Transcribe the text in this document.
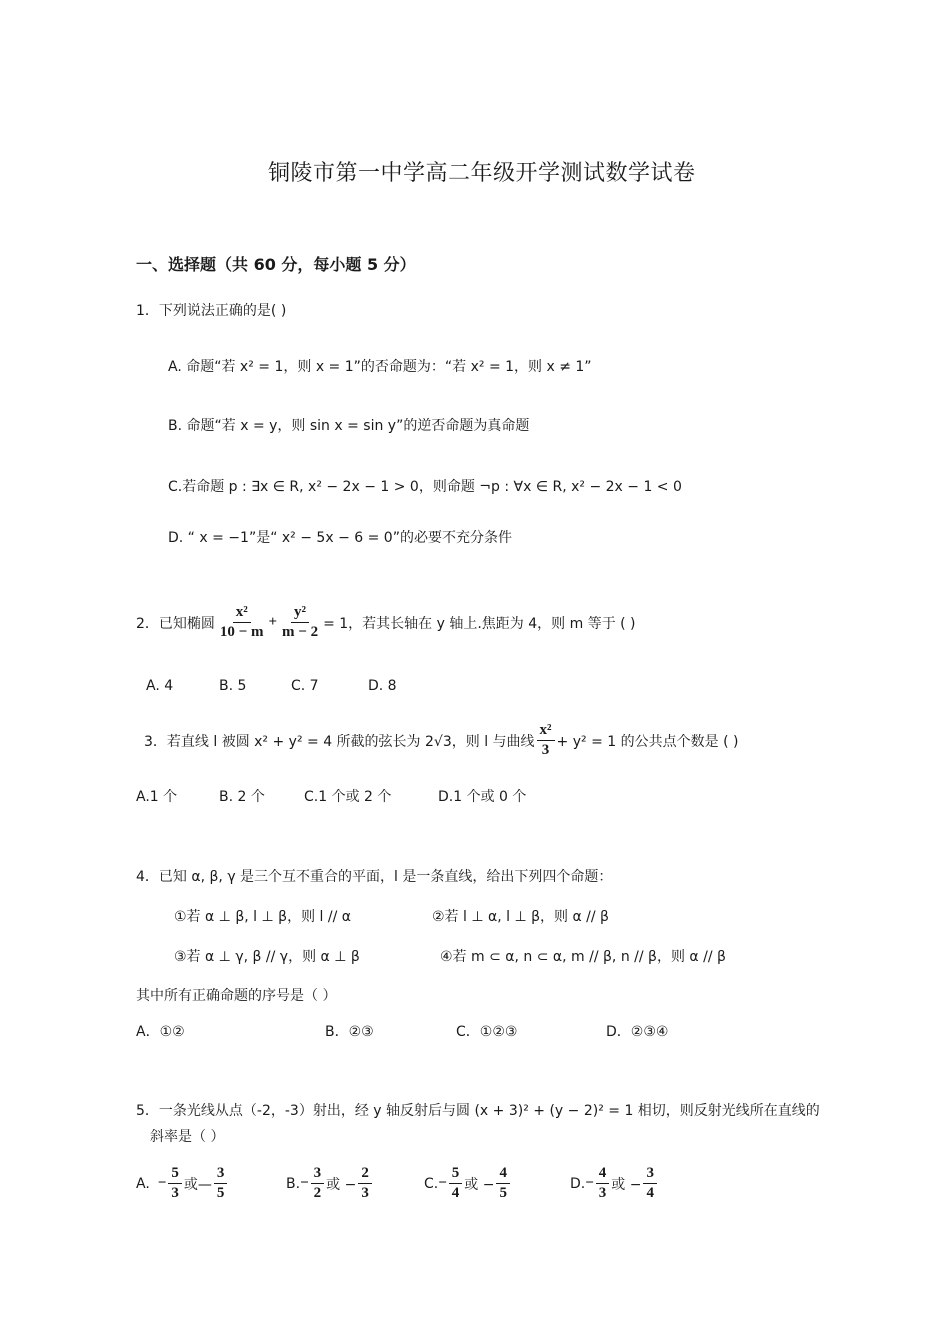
铜陵市第一中学高二年级开学测试数学试卷
一、选择题（共 60 分，每小题 5 分）
1．下列说法正确的是( )
A. 命题“若 x² = 1，则 x = 1”的否命题为：“若 x² = 1，则 x ≠ 1”
B. 命题“若 x = y，则 sin x = sin y”的逆否命题为真命题
C.若命题 p : ∃x ∈ R, x² − 2x − 1 > 0，则命题 ¬p : ∀x ∈ R, x² − 2x − 1 < 0
D. “ x = −1”是“ x² − 5x − 6 = 0”的必要不充分条件
2．已知椭圆 $\frac{\text{x²}}{10 - m} + \frac{\text{y²}}{m - 2} = 1$，若其长轴在 y 轴上.焦距为 4，则 m 等于 ( )
A. 4	B. 5	C. 7	D. 8
3．若直线 l 被圆 x² + y² = 4 所截的弦长为 2√3，则 l 与曲线 $\frac{\text{x²}}{3} + y^2 = 1$ 的公共点个数是 ( )
A.1 个	B. 2 个	C.1 个或 2 个	D.1 个或 0 个
4．已知 α, β, γ 是三个互不重合的平面，l 是一条直线，给出下列四个命题：
①若 α ⊥ β, l ⊥ β，则 l // α	②若 l ⊥ α, l ⊥ β，则 α // β
③若 α ⊥ γ, β // γ，则 α ⊥ β	④若 m ⊂ α, n ⊂ α, m // β, n // β，则 α // β
其中所有正确命题的序号是（ ）
A．①②	B．②③	C．①②③	D．②③④
5．一条光线从点（-2，-3）射出，经 y 轴反射后与圆 (x + 3)² + (y − 2)² = 1 相切，则反射光线所在直线的
斜率是（ ）
A. − $\frac{5}{3}$ 或— $\frac{3}{5}$	B. − $\frac{3}{2}$ 或 − $\frac{2}{3}$	C. − $\frac{5}{4}$ 或 − $\frac{4}{5}$	D. − $\frac{4}{3}$ 或 − $\frac{3}{4}$
